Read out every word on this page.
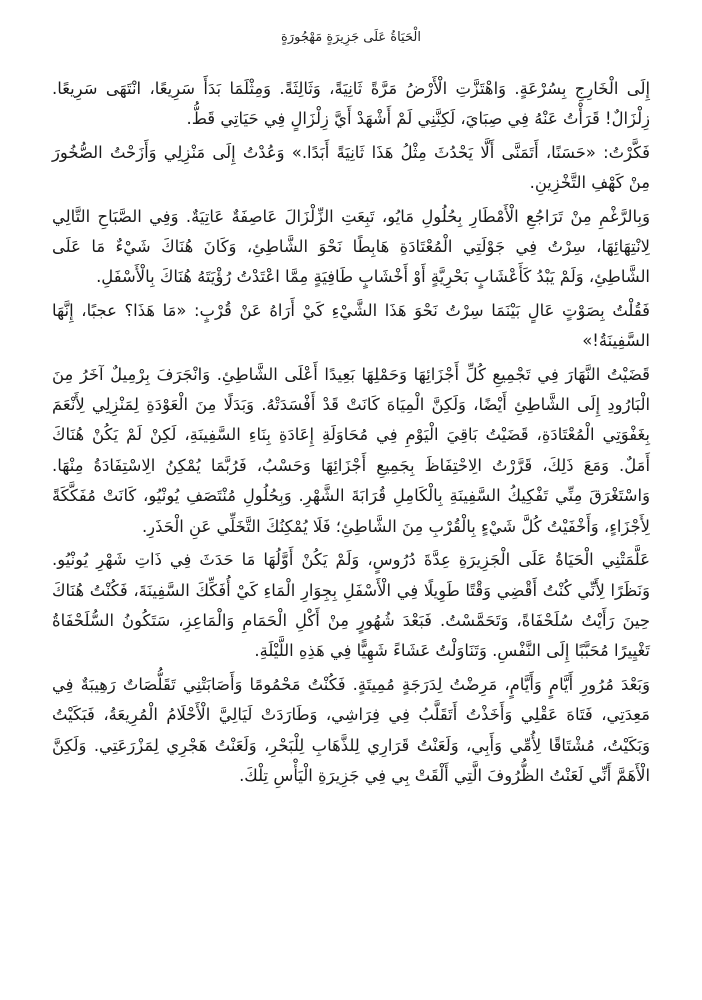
الْحَيَاةُ عَلَى جَزِيرَةٍ مَهْجُورَةٍ

إِلَى الْخَارِجِ بِسُرْعَةٍ. وَاهْتَزَّتِ الْأَرْضُ مَرَّةً ثَانِيَةً، وَثَالِثَةً. وَمِثْلَمَا بَدَأَ سَرِيعًا، انْتَهَى سَرِيعًا. زِلْزَالٌ! قَرَأْتُ عَنْهُ فِي صِبَايَ، لَكِنَّنِي لَمْ أَشْهَدْ أَيَّ زِلْزَالٍ فِي حَيَاتِي قَطُّ.

فَكَّرْتُ: «حَسَنًا، أَتَمَنَّى أَلَّا يَحْدُثَ مِثْلُ هَذَا ثَانِيَةً أَبَدًا.» وَعُدْتُ إِلَى مَنْزِلِي وَأَزَحْتُ الصُّخُورَ مِنْ كَهْفِ التَّخْزِينِ.

وَبِالرَّغْمِ مِنْ تَرَاجُعِ الْأَمْطَارِ بِحُلُولِ مَايُو، تَبِعَتِ الزِّلْزَالَ عَاصِفَةٌ عَاتِيَةٌ. وَفِي الصَّبَاحِ التَّالِي لِانْتِهَائِهَا، سِرْتُ فِي جَوْلَتِي الْمُعْتَادَةِ هَابِطًا نَحْوَ الشَّاطِئِ، وَكَانَ هُنَاكَ شَيْءٌ مَا عَلَى الشَّاطِئِ، وَلَمْ يَبْدُ كَأَعْشَابٍ بَحْرِيَّةٍ أَوْ أَخْشَابٍ طَافِيَةٍ مِمَّا اعْتَدْتُ رُؤْيَتَهُ هُنَاكَ بِالْأَسْفَلِ.

فَقُلْتُ بِصَوْتٍ عَالٍ بَيْنَمَا سِرْتُ نَحْوَ هَذَا الشَّيْءِ كَيْ أَرَاهُ عَنْ قُرْبٍ: «مَا هَذَا؟ عجبًا، إِنَّهَا السَّفِينَةُ!»

قَضَيْتُ النَّهَارَ فِي تَجْمِيعِ كُلِّ أَجْزَائِهَا وَحَمْلِهَا بَعِيدًا أَعْلَى الشَّاطِئِ. وَانْجَرَفَ بِرْمِيلٌ آخَرُ مِنَ الْبَارُودِ إِلَى الشَّاطِئِ أَيْضًا، وَلَكِنَّ الْمِيَاهَ كَانَتْ قَدْ أَفْسَدَتْهُ. وَبَدَلًا مِنَ الْعَوْدَةِ لِمَنْزِلِي لِأَنْعَمَ بِغَفْوَتِي الْمُعْتَادَةِ، قَضَيْتُ بَاقِيَ الْيَوْمِ فِي مُحَاوَلَةِ إِعَادَةِ بِنَاءِ السَّفِينَةِ، لَكِنْ لَمْ يَكُنْ هُنَاكَ أَمَلٌ. وَمَعَ ذَلِكَ، قَرَّرْتُ الِاحْتِفَاظَ بِجَمِيعِ أَجْزَائِهَا وَحَسْبُ، فَرُبَّمَا يُمْكِنُ الِاسْتِفَادَةُ مِنْهَا. وَاسْتَغْرَقَ مِنِّي تَفْكِيكُ السَّفِينَةِ بِالْكَامِلِ قُرَابَةَ الشَّهْرِ. وَبِحُلُولِ مُنْتَصَفِ يُونْيُو، كَانَتْ مُفَكَّكَةً لِأَجْزَاءٍ، وَأَخْفَيْتُ كُلَّ شَيْءٍ بِالْقُرْبِ مِنَ الشَّاطِئِ؛ فَلَا يُمْكِنُكَ التَّخَلِّي عَنِ الْحَذَرِ.

عَلَّمَتْنِي الْحَيَاةُ عَلَى الْجَزِيرَةِ عِدَّةَ دُرُوسٍ، وَلَمْ يَكُنْ أَوَّلُهَا مَا حَدَثَ فِي ذَاتِ شَهْرِ يُونْيُو. وَنَظَرًا لِأَنِّي كُنْتُ أَقْضِي وَقْتًا طَوِيلًا فِي الْأَسْفَلِ بِجِوَارِ الْمَاءِ كَيْ أُفَكِّكَ السَّفِينَةَ، فَكُنْتُ هُنَاكَ حِينَ رَأَيْتُ سُلَحْفَاةً، وَتَحَمَّسْتُ. فَبَعْدَ شُهُورٍ مِنْ أَكْلِ الْحَمَامِ وَالْمَاعِزِ، سَتَكُونُ السُّلَحْفَاةُ تَغْيِيرًا مُحَبَّبًا إِلَى النَّفْسِ. وَتَنَاوَلْتُ عَشَاءً شَهِيًّا فِي هَذِهِ اللَّيْلَةِ.

وَبَعْدَ مُرُورِ أَيَّامٍ وَأَيَّامٍ، مَرِضْتُ لِدَرَجَةٍ مُمِيتَةٍ. فَكُنْتُ مَحْمُومًا وَأَصَابَتْنِي تَقَلُّصَاتٌ رَهِيبَةٌ فِي مَعِدَتِي، فَتَاهَ عَقْلِي وَأَخَذْتُ أَتَقَلَّبُ فِي فِرَاشِي، وَطَارَدَتْ لَيَالِيَّ الْأَحْلَامُ الْمُرِيعَةُ، فَبَكَيْتُ وَبَكَيْتُ، مُشْتَاقًا لِأُمِّي وَأَبِي، وَلَعَنْتُ قَرَارِي لِلذَّهَابِ لِلْبَحْرِ، وَلَعَنْتُ هَجْرِي لِمَزْرَعَتِي. وَلَكِنَّ الْأَهَمَّ أَنِّي لَعَنْتُ الظُّرُوفَ الَّتِي أَلْقَتْ بِي فِي جَزِيرَةِ الْيَأْسِ تِلْكَ.
